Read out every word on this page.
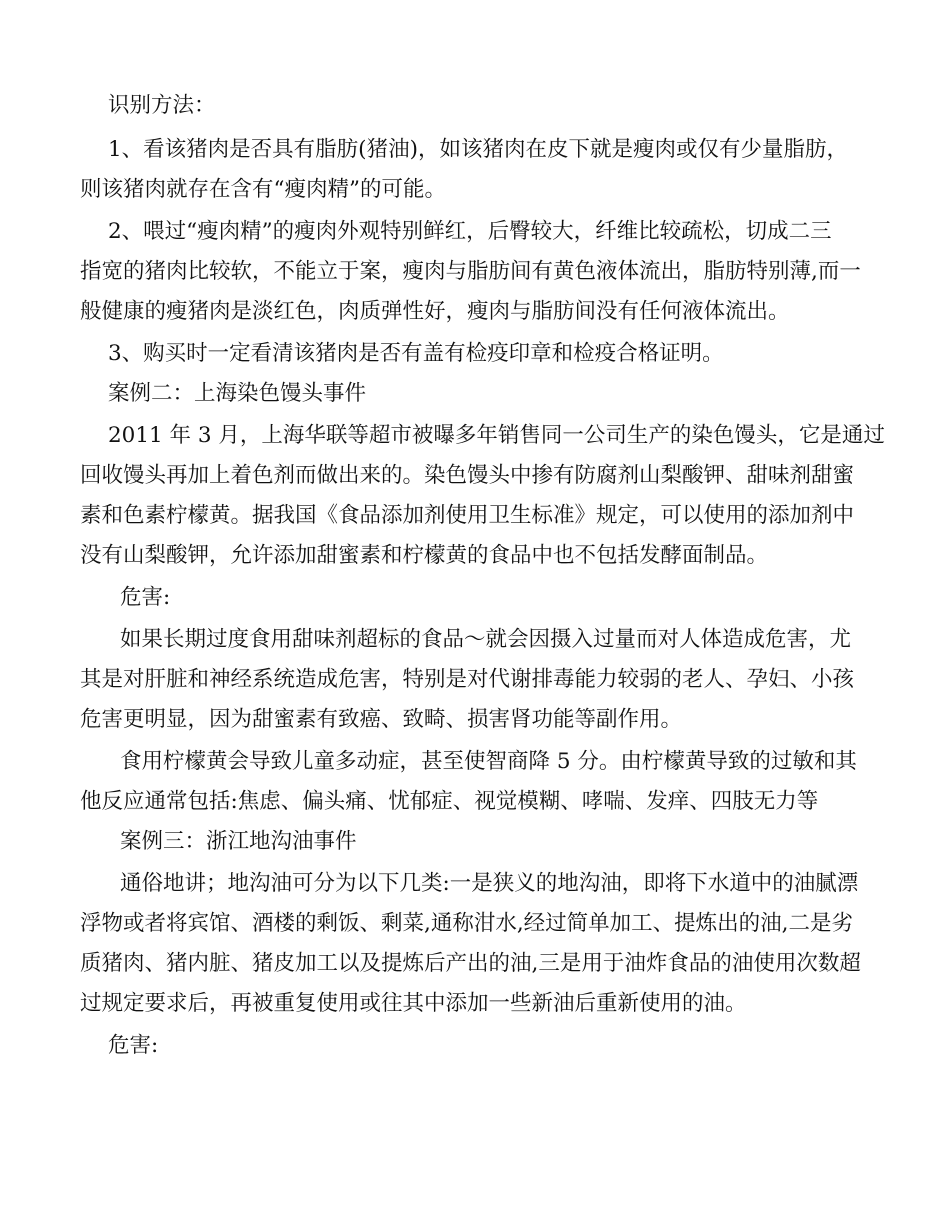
识别方法：
1、看该猪肉是否具有脂肪(猪油)，如该猪肉在皮下就是瘦肉或仅有少量脂肪，
则该猪肉就存在含有“瘦肉精”的可能。
2、喂过“瘦肉精”的瘦肉外观特别鲜红，后臀较大，纤维比较疏松，切成二三
指宽的猪肉比较软，不能立于案，瘦肉与脂肪间有黄色液体流出，脂肪特别薄,而一
般健康的瘦猪肉是淡红色，肉质弹性好，瘦肉与脂肪间没有任何液体流出。
3、购买时一定看清该猪肉是否有盖有检疫印章和检疫合格证明。
案例二：上海染色馒头事件
2011 年 3 月，上海华联等超市被曝多年销售同一公司生产的染色馒头，它是通过
回收馒头再加上着色剂而做出来的。染色馒头中掺有防腐剂山梨酸钾、甜味剂甜蜜
素和色素柠檬黄。据我国《食品添加剂使用卫生标准》规定，可以使用的添加剂中
没有山梨酸钾，允许添加甜蜜素和柠檬黄的食品中也不包括发酵面制品。
危害:
如果长期过度食用甜味剂超标的食品～就会因摄入过量而对人体造成危害，尤
其是对肝脏和神经系统造成危害，特别是对代谢排毒能力较弱的老人、孕妇、小孩
危害更明显，因为甜蜜素有致癌、致畸、损害肾功能等副作用。
食用柠檬黄会导致儿童多动症，甚至使智商降 5 分。由柠檬黄导致的过敏和其
他反应通常包括:焦虑、偏头痛、忧郁症、视觉模糊、哮喘、发痒、四肢无力等
案例三：浙江地沟油事件
通俗地讲；地沟油可分为以下几类:一是狭义的地沟油，即将下水道中的油腻漂
浮物或者将宾馆、酒楼的剩饭、剩菜,通称泔水,经过简单加工、提炼出的油,二是劣
质猪肉、猪内脏、猪皮加工以及提炼后产出的油,三是用于油炸食品的油使用次数超
过规定要求后，再被重复使用或往其中添加一些新油后重新使用的油。
危害:
